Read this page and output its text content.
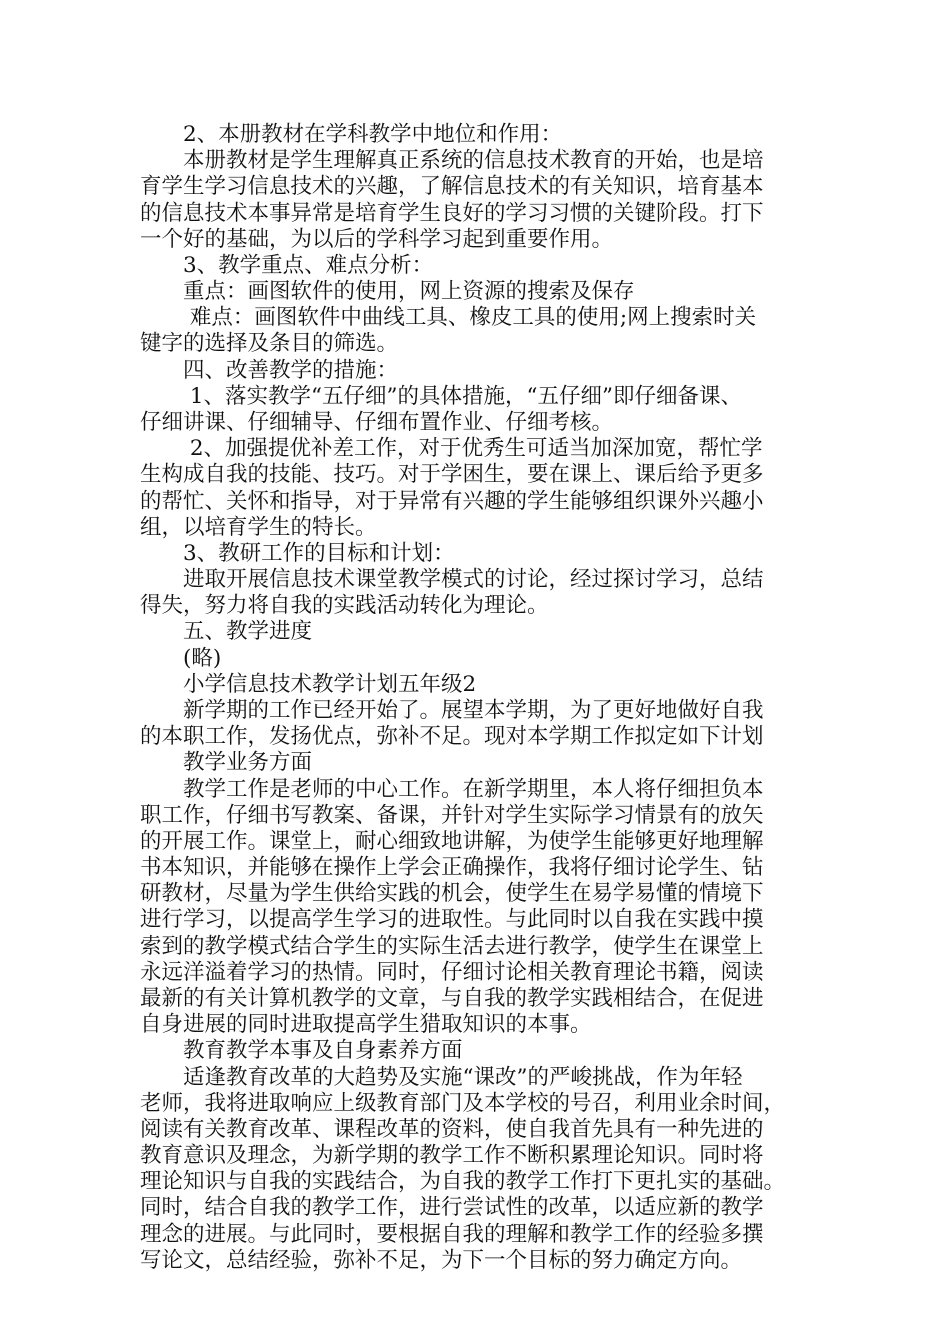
　　2、本册教材在学科教学中地位和作用：
　　本册教材是学生理解真正系统的信息技术教育的开始，也是培
育学生学习信息技术的兴趣，了解信息技术的有关知识，培育基本
的信息技术本事异常是培育学生良好的学习习惯的关键阶段。打下
一个好的基础，为以后的学科学习起到重要作用。
　　3、教学重点、难点分析：
　　重点：画图软件的使用，网上资源的搜索及保存
　　 难点：画图软件中曲线工具、橡皮工具的使用;网上搜索时关
键字的选择及条目的筛选。
　　四、改善教学的措施：
　　 1、落实教学“五仔细”的具体措施，“五仔细”即仔细备课、
仔细讲课、仔细辅导、仔细布置作业、仔细考核。
　　 2、加强提优补差工作，对于优秀生可适当加深加宽，帮忙学
生构成自我的技能、技巧。对于学困生，要在课上、课后给予更多
的帮忙、关怀和指导，对于异常有兴趣的学生能够组织课外兴趣小
组，以培育学生的特长。
　　3、教研工作的目标和计划：
　　进取开展信息技术课堂教学模式的讨论，经过探讨学习，总结
得失，努力将自我的实践活动转化为理论。
　　五、教学进度
　　(略)
　　小学信息技术教学计划五年级2
　　新学期的工作已经开始了。展望本学期，为了更好地做好自我
的本职工作，发扬优点，弥补不足。现对本学期工作拟定如下计划
　　教学业务方面
　　教学工作是老师的中心工作。在新学期里，本人将仔细担负本
职工作，仔细书写教案、备课，并针对学生实际学习情景有的放矢
的开展工作。课堂上，耐心细致地讲解，为使学生能够更好地理解
书本知识，并能够在操作上学会正确操作，我将仔细讨论学生、钻
研教材，尽量为学生供给实践的机会，使学生在易学易懂的情境下
进行学习，以提高学生学习的进取性。与此同时以自我在实践中摸
索到的教学模式结合学生的实际生活去进行教学，使学生在课堂上
永远洋溢着学习的热情。同时，仔细讨论相关教育理论书籍，阅读
最新的有关计算机教学的文章，与自我的教学实践相结合，在促进
自身进展的同时进取提高学生猎取知识的本事。
　　教育教学本事及自身素养方面
　　适逢教育改革的大趋势及实施“课改”的严峻挑战，作为年轻
老师，我将进取响应上级教育部门及本学校的号召，利用业余时间，
阅读有关教育改革、课程改革的资料，使自我首先具有一种先进的
教育意识及理念，为新学期的教学工作不断积累理论知识。同时将
理论知识与自我的实践结合，为自我的教学工作打下更扎实的基础。
同时，结合自我的教学工作，进行尝试性的改革，以适应新的教学
理念的进展。与此同时，要根据自我的理解和教学工作的经验多撰
写论文，总结经验，弥补不足，为下一个目标的努力确定方向。
